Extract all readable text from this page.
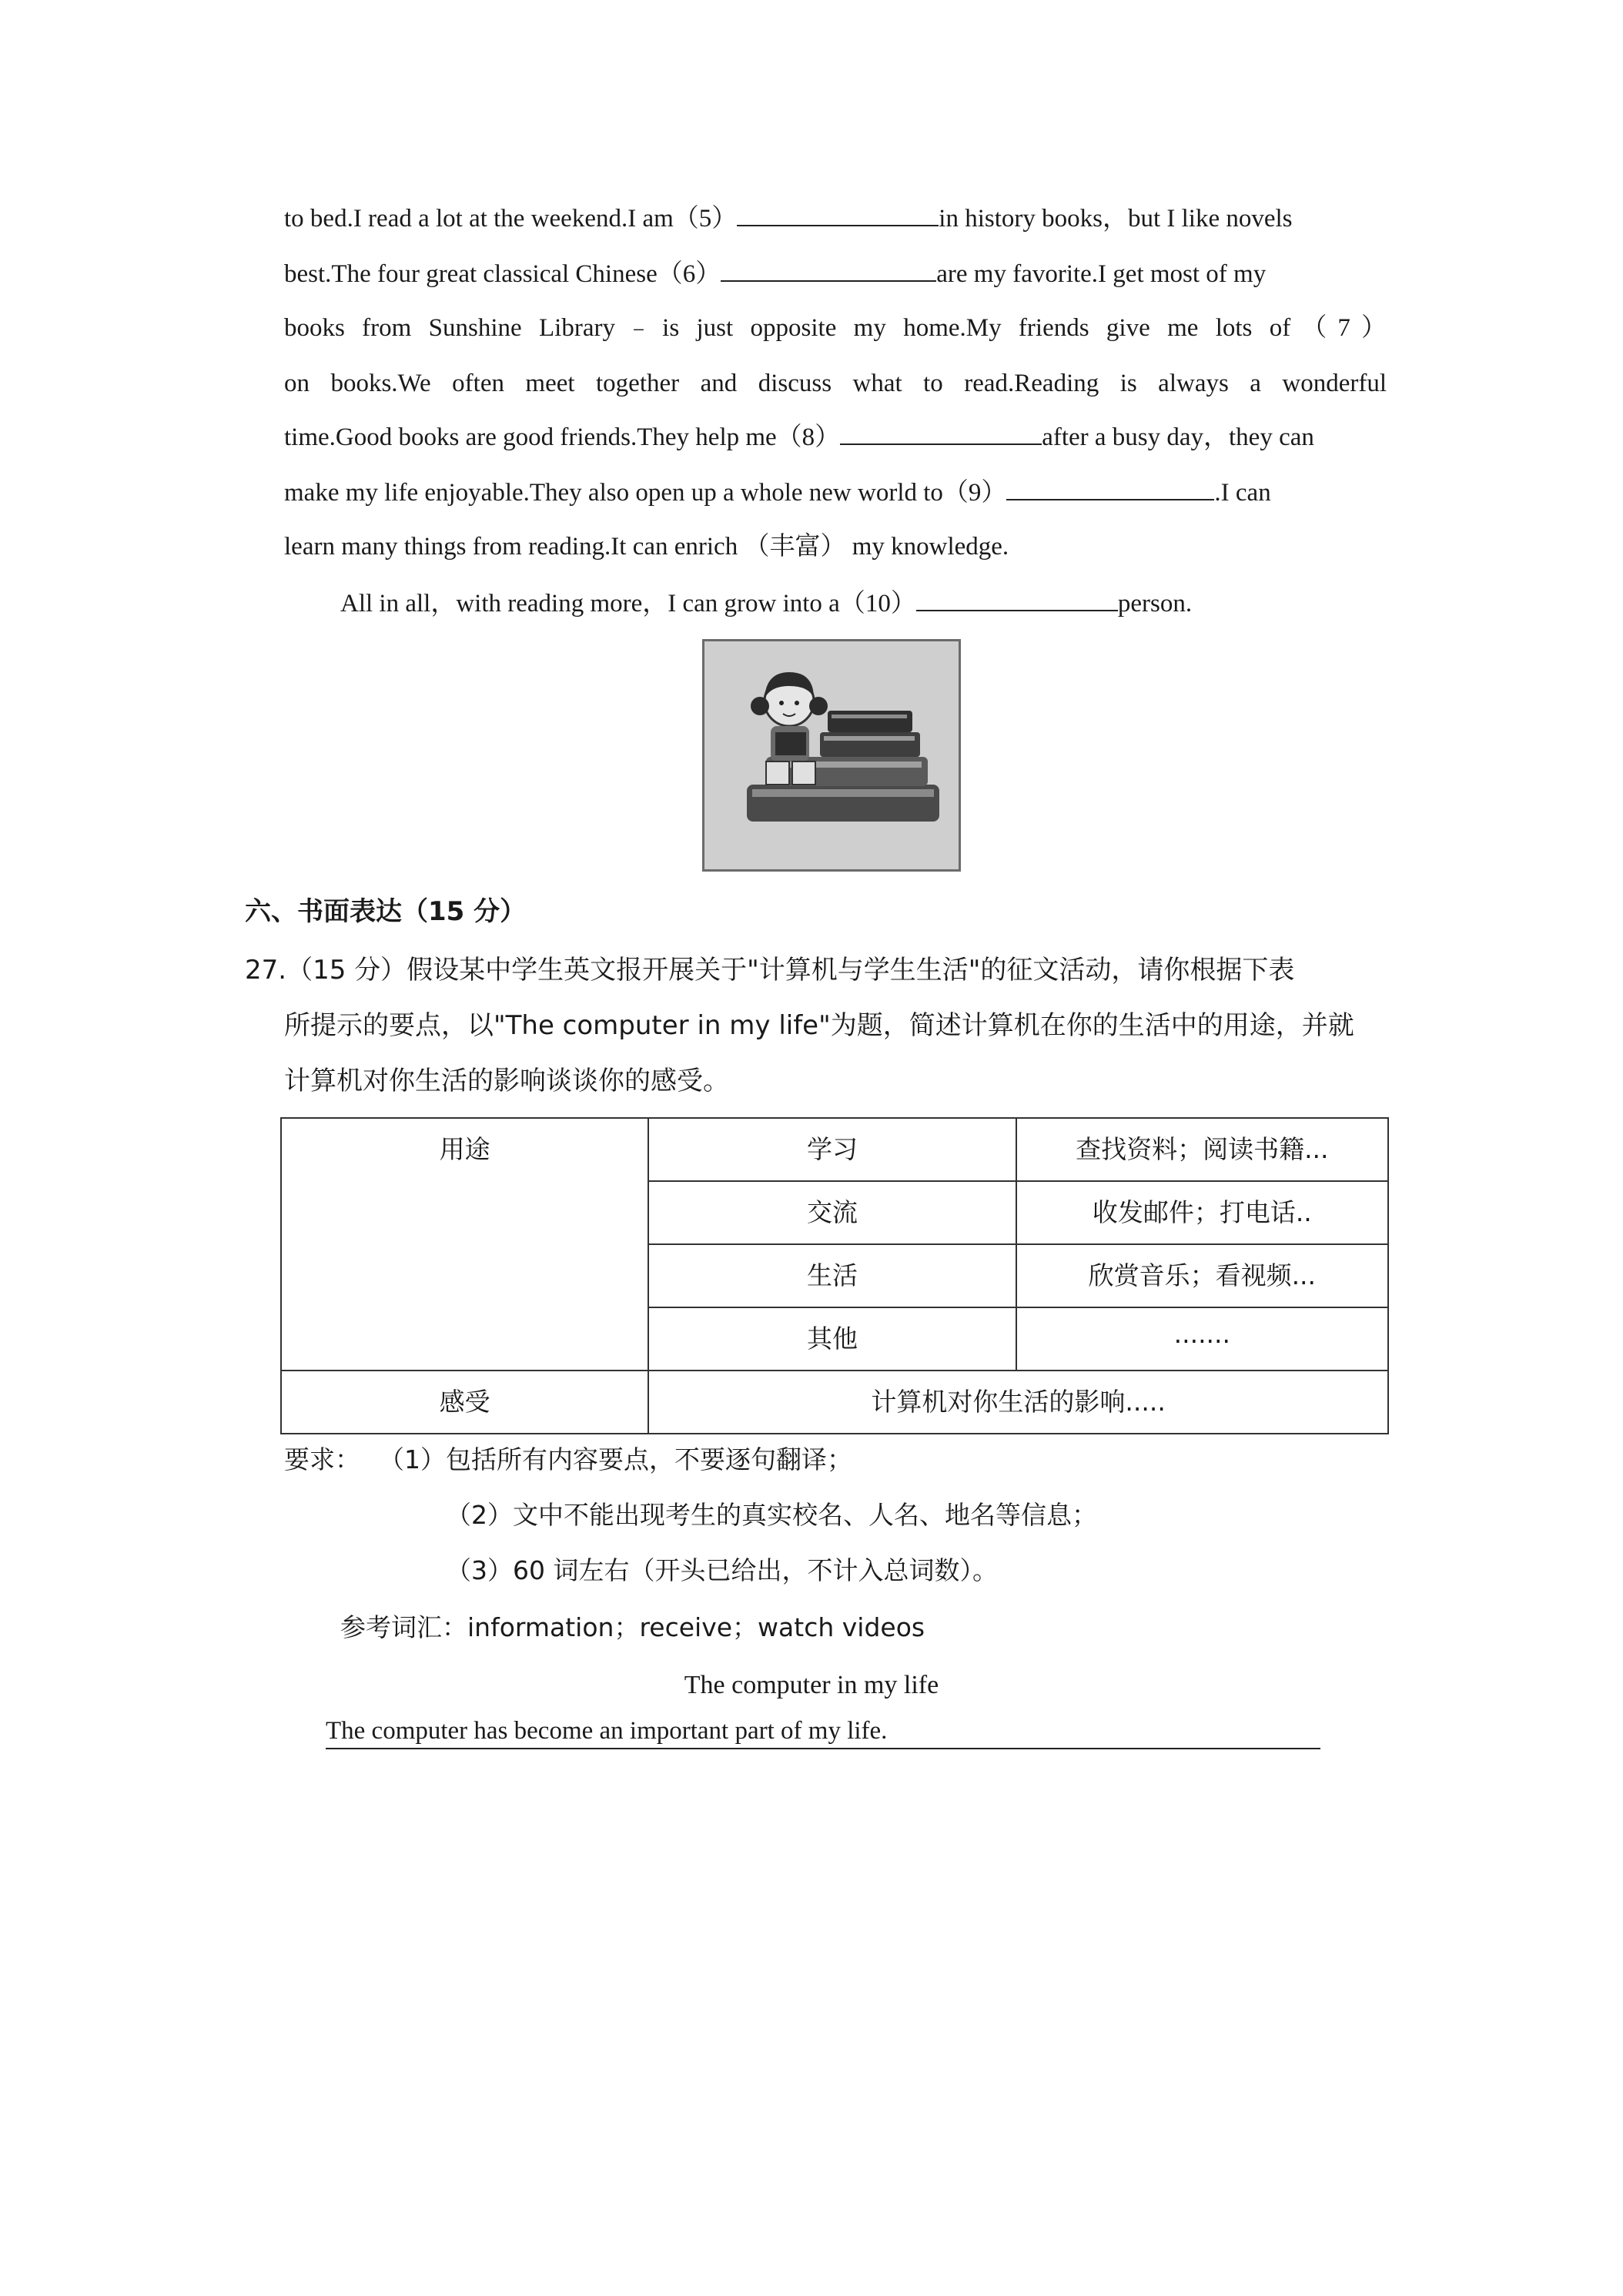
to bed.I read a lot at the weekend.I am（5）	in history books，but I like novels
best.The four great classical Chinese（6）	are my favorite.I get most of my
books from Sunshine Library﹣is just opposite my home.My friends give me lots of（7）
on books.We often meet together and discuss what to read.Reading is always a wonderful
time.Good books are good friends.They help me（8）	after a busy day，they can
make my life enjoyable.They also open up a whole new world to（9）	.I can
learn many things from reading.It can enrich （丰富） my knowledge.
All in all，with reading more，I can grow into a（10）	person.
六、书面表达（15 分）
27.（15 分）假设某中学生英文报开展关于"计算机与学生生活"的征文活动，请你根据下表
所提示的要点，以"The computer in my life"为题，简述计算机在你的生活中的用途，并就
计算机对你生活的影响谈谈你的感受。
用途	学习	查找资料；阅读书籍...
	交流	收发邮件；打电话..
	生活	欣赏音乐；看视频...
	其他	.......
感受	计算机对你生活的影响.....	
要求： （1）包括所有内容要点，不要逐句翻译；
（2）文中不能出现考生的真实校名、人名、地名等信息；
（3）60 词左右（开头已给出，不计入总词数）。
参考词汇：information；receive；watch videos
The computer in my life
The computer has become an important part of my life.
